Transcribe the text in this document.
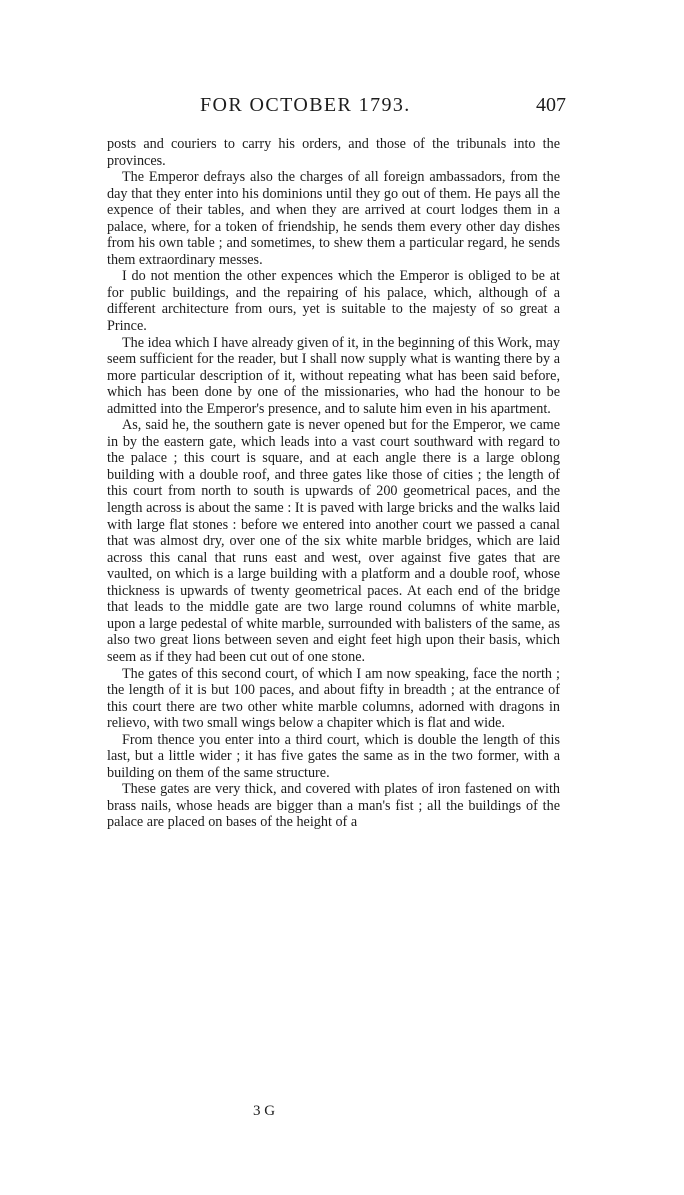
FOR OCTOBER 1793.	407

posts and couriers to carry his orders, and those of the tribunals into the provinces.

The Emperor defrays also the charges of all foreign ambassadors, from the day that they enter into his dominions until they go out of them. He pays all the expence of their tables, and when they are arrived at court lodges them in a palace, where, for a token of friendship, he sends them every other day dishes from his own table ; and sometimes, to shew them a particular regard, he sends them extraordinary messes.

I do not mention the other expences which the Emperor is obliged to be at for public buildings, and the repairing of his palace, which, although of a different architecture from ours, yet is suitable to the majesty of so great a Prince.

The idea which I have already given of it, in the beginning of this Work, may seem sufficient for the reader, but I shall now supply what is wanting there by a more particular description of it, without repeating what has been said before, which has been done by one of the missionaries, who had the honour to be admitted into the Emperor's presence, and to salute him even in his apartment.

As, said he, the southern gate is never opened but for the Emperor, we came in by the eastern gate, which leads into a vast court southward with regard to the palace ; this court is square, and at each angle there is a large oblong building with a double roof, and three gates like those of cities ; the length of this court from north to south is upwards of 200 geometrical paces, and the length across is about the same : It is paved with large bricks and the walks laid with large flat stones : before we entered into another court we passed a canal that was almost dry, over one of the six white marble bridges, which are laid across this canal that runs east and west, over against five gates that are vaulted, on which is a large building with a platform and a double roof, whose thickness is upwards of twenty geometrical paces. At each end of the bridge that leads to the middle gate are two large round columns of white marble, upon a large pedestal of white marble, surrounded with balisters of the same, as also two great lions between seven and eight feet high upon their basis, which seem as if they had been cut out of one stone.

The gates of this second court, of which I am now speaking, face the north ; the length of it is but 100 paces, and about fifty in breadth ; at the entrance of this court there are two other white marble columns, adorned with dragons in relievo, with two small wings below a chapiter which is flat and wide.

From thence you enter into a third court, which is double the length of this last, but a little wider ; it has five gates the same as in the two former, with a building on them of the same structure.

These gates are very thick, and covered with plates of iron fastened on with brass nails, whose heads are bigger than a man's fist ; all the buildings of the palace are placed on bases of the height of a

3 G
